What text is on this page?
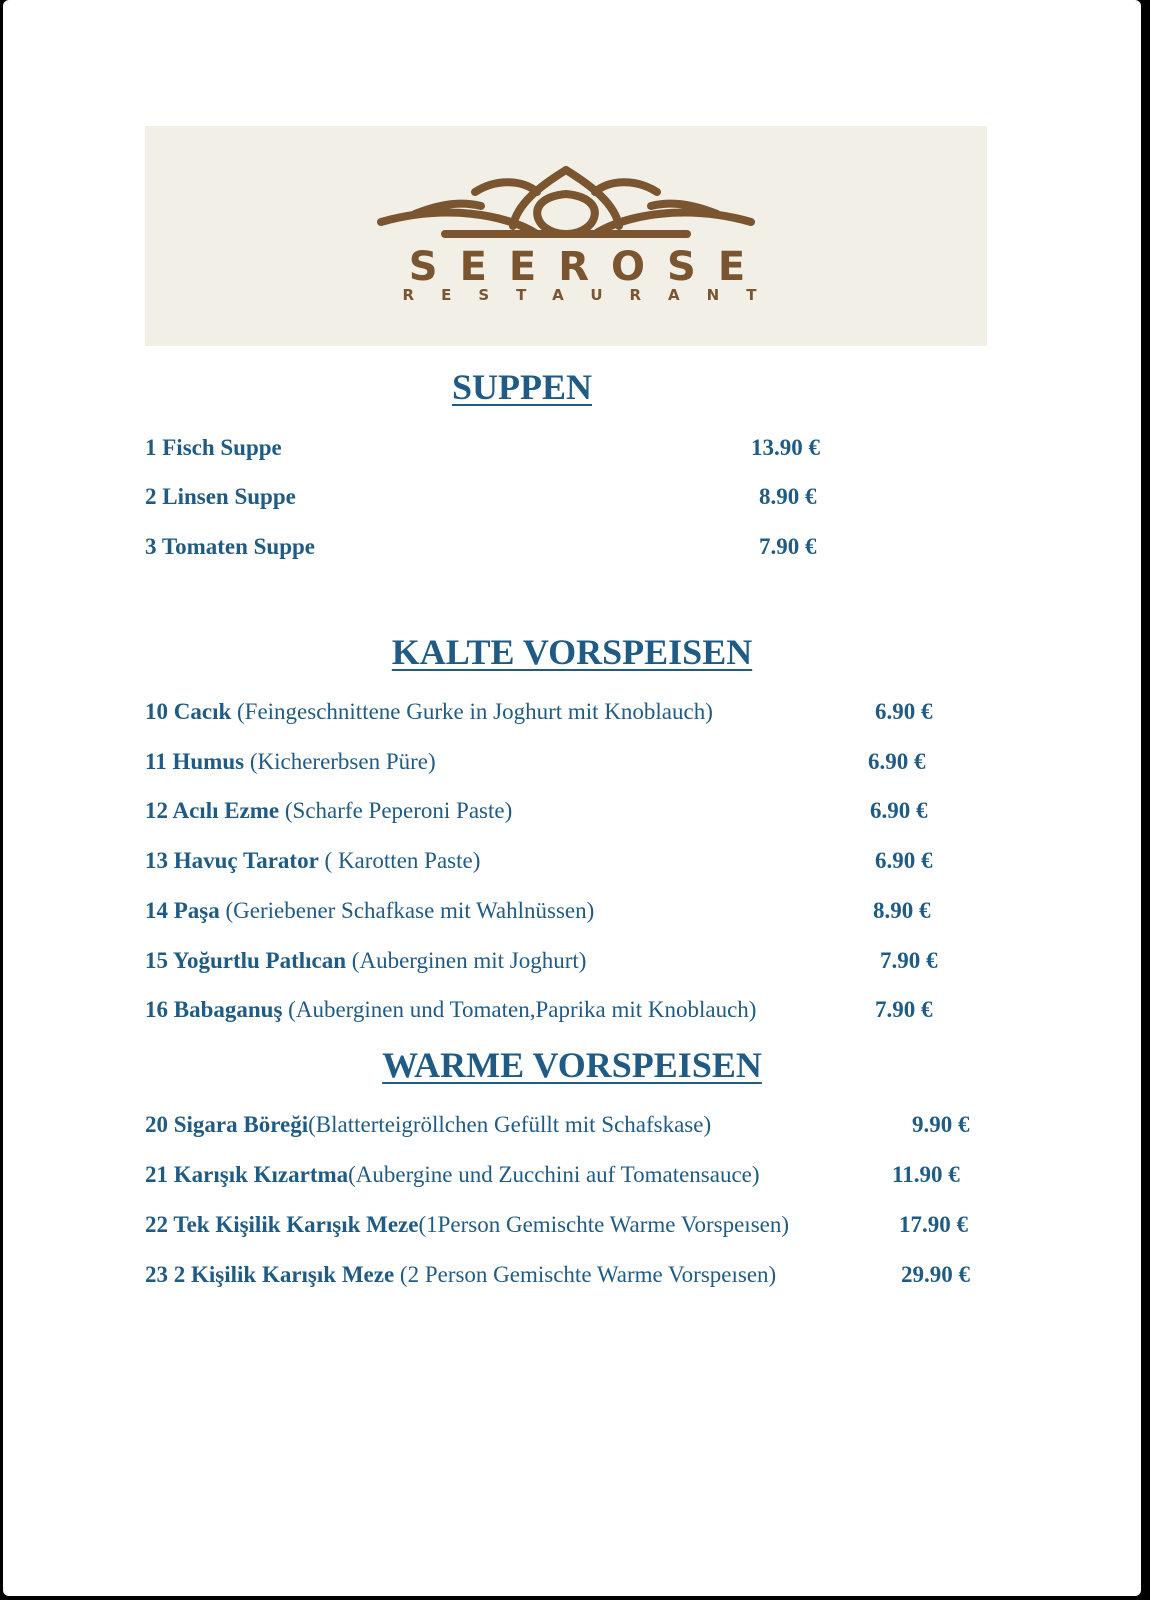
SEEROSE
RESTAURANT
SUPPEN
1 Fisch Suppe	13.90 €
2 Linsen Suppe	8.90 €
3 Tomaten Suppe	7.90 €
KALTE VORSPEISEN
10 Cacık (Feingeschnittene Gurke in Joghurt mit Knoblauch)	6.90 €
11 Humus (Kichererbsen Püre)	6.90 €
12 Acılı Ezme (Scharfe Peperoni Paste)	6.90 €
13 Havuç Tarator ( Karotten Paste)	6.90 €
14 Paşa (Geriebener Schafkase mit Wahlnüssen)	8.90 €
15 Yoğurtlu Patlıcan (Auberginen mit Joghurt)	7.90 €
16 Babaganuş (Auberginen und Tomaten,Paprika mit Knoblauch)	7.90 €
WARME VORSPEISEN
20 Sigara Böreği(Blatterteigröllchen Gefüllt mit Schafskase)	9.90 €
21 Karışık Kızartma(Aubergine und Zucchini auf Tomatensauce)	11.90 €
22 Tek Kişilik Karışık Meze(1Person Gemischte Warme Vorspeısen)	17.90 €
23 2 Kişilik Karışık Meze (2 Person Gemischte Warme Vorspeısen)	29.90 €
